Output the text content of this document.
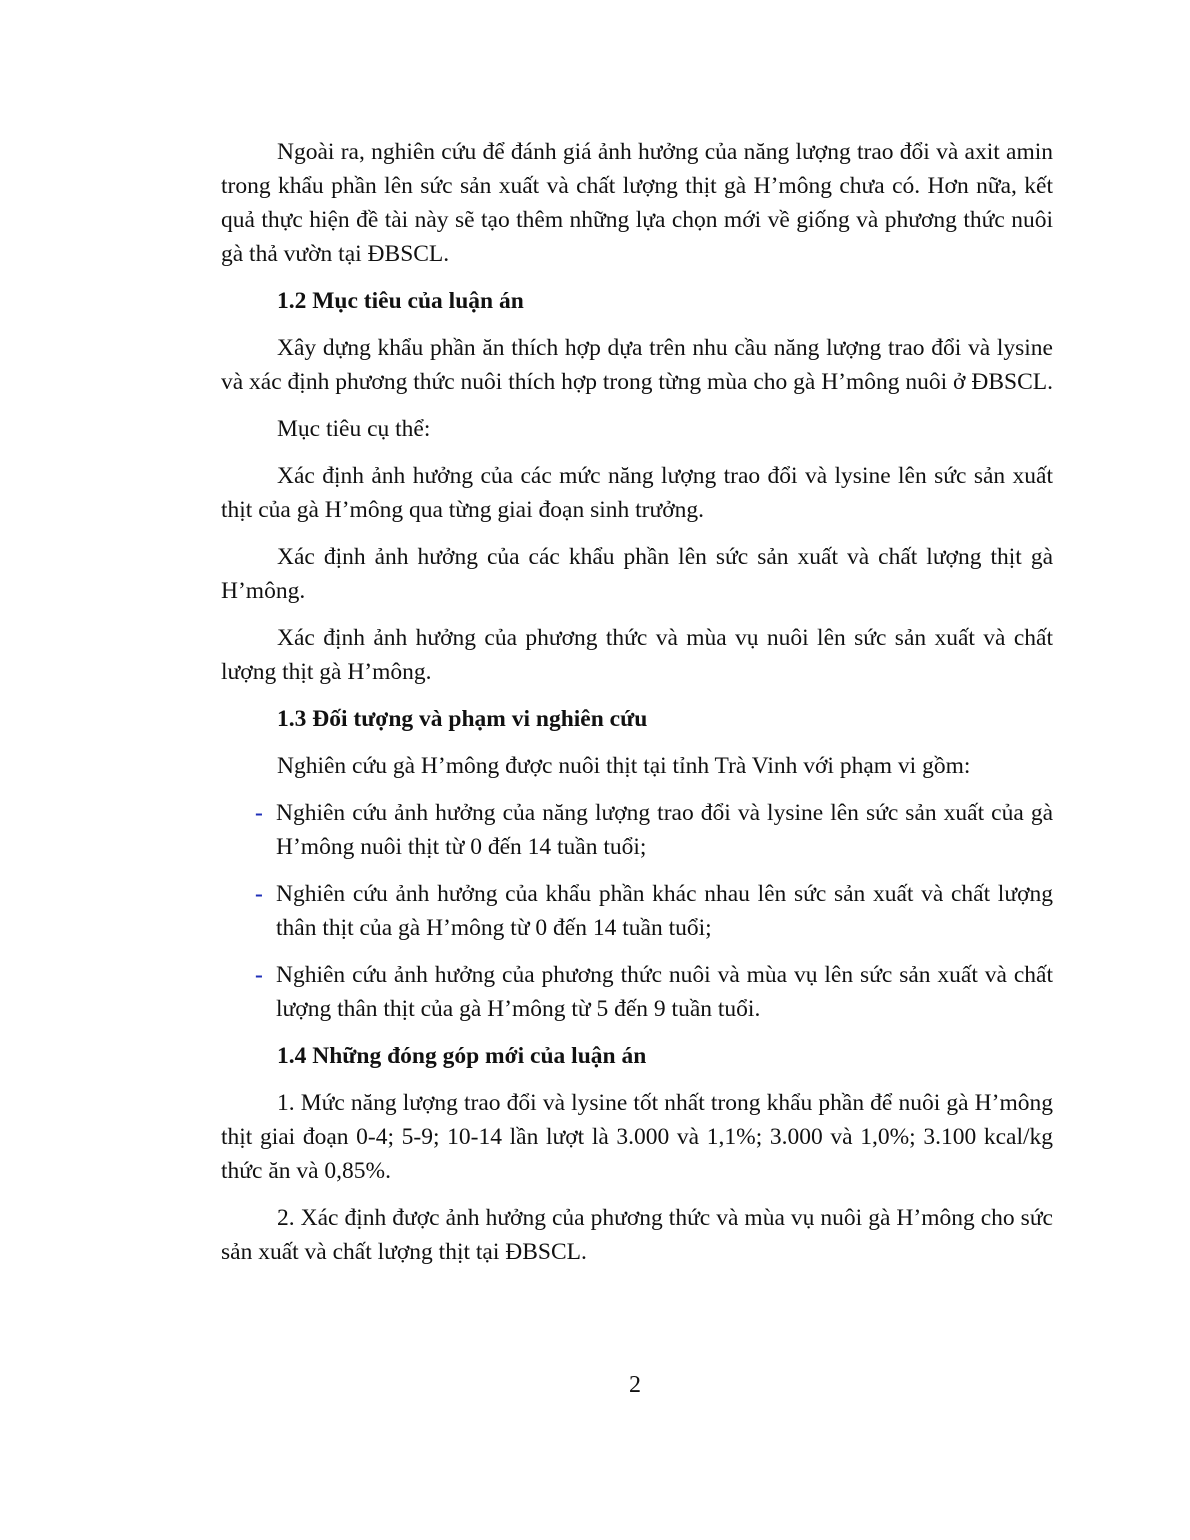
Ngoài ra, nghiên cứu để đánh giá ảnh hưởng của năng lượng trao đổi và axit amin trong khẩu phần lên sức sản xuất và chất lượng thịt gà H’mông chưa có. Hơn nữa, kết quả thực hiện đề tài này sẽ tạo thêm những lựa chọn mới về giống và phương thức nuôi gà thả vườn tại ĐBSCL.

1.2 Mục tiêu của luận án

Xây dựng khẩu phần ăn thích hợp dựa trên nhu cầu năng lượng trao đổi và lysine và xác định phương thức nuôi thích hợp trong từng mùa cho gà H’mông nuôi ở ĐBSCL.

Mục tiêu cụ thể:

Xác định ảnh hưởng của các mức năng lượng trao đổi và lysine lên sức sản xuất thịt của gà H’mông qua từng giai đoạn sinh trưởng.

Xác định ảnh hưởng của các khẩu phần lên sức sản xuất và chất lượng thịt gà H’mông.

Xác định ảnh hưởng của phương thức và mùa vụ nuôi lên sức sản xuất và chất lượng thịt gà H’mông.

1.3 Đối tượng và phạm vi nghiên cứu

Nghiên cứu gà H’mông được nuôi thịt tại tỉnh Trà Vinh với phạm vi gồm:

- Nghiên cứu ảnh hưởng của năng lượng trao đổi và lysine lên sức sản xuất của gà H’mông nuôi thịt từ 0 đến 14 tuần tuổi;
- Nghiên cứu ảnh hưởng của khẩu phần khác nhau lên sức sản xuất và chất lượng thân thịt của gà H’mông từ 0 đến 14 tuần tuổi;
- Nghiên cứu ảnh hưởng của phương thức nuôi và mùa vụ lên sức sản xuất và chất lượng thân thịt của gà H’mông từ 5 đến 9 tuần tuổi.
1.4 Những đóng góp mới của luận án

1. Mức năng lượng trao đổi và lysine tốt nhất trong khẩu phần để nuôi gà H’mông thịt giai đoạn 0-4; 5-9; 10-14 lần lượt là 3.000 và 1,1%; 3.000 và 1,0%; 3.100 kcal/kg thức ăn và 0,85%.

2. Xác định được ảnh hưởng của phương thức và mùa vụ nuôi gà H’mông cho sức sản xuất và chất lượng thịt tại ĐBSCL.

2
